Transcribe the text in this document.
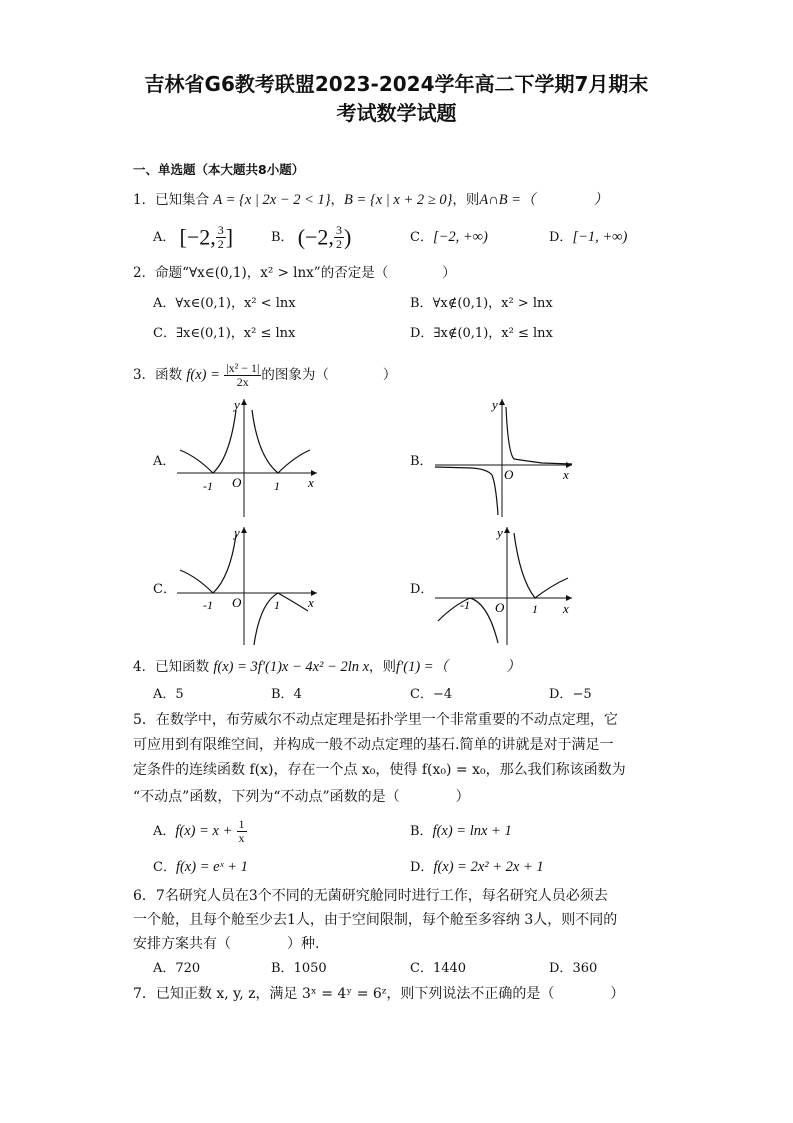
吉林省G6教考联盟2023-2024学年高二下学期7月期末
考试数学试题
一、单选题（本大题共8小题）
1．已知集合 A = {x | 2x − 2 < 1}，B = {x | x + 2 ≥ 0}，则A∩B =（　　　　）
A． [−2, $\frac{3}{2}$ ]	B． (−2, $\frac{3}{2}$ )	C．[−2, +∞)	D．[−1, +∞)
2．命题“∀x∈(0,1)，x² > lnx”的否定是（　　　　）
A．∀x∈(0,1)，x² < lnx	B．∀x∉(0,1)，x² > lnx
C．∃x∈(0,1)，x² ≤ lnx	D．∃x∉(0,1)，x² ≤ lnx
3．函数 $f(x) = \frac{\text{|x² − 1|}}{2x}$ 的图象为（　　　　）
A．	B．
C．	D．
y
x
O
-1	1
y
x
O
y
x
O
-1	1
y
x
O
-1	1
4．已知函数 f(x) = 3f′(1)x − 4x² − 2ln x，则f′(1) =（　　　　）
A．5	B．4	C．−4	D．−5
5．在数学中，布劳威尔不动点定理是拓扑学里一个非常重要的不动点定理，它
可应用到有限维空间，并构成一般不动点定理的基石.简单的讲就是对于满足一
定条件的连续函数 f(x)，存在一个点 x₀，使得 f(x₀) = x₀，那么我们称该函数为
“不动点”函数，下列为“不动点”函数的是（　　　　）
A．$f(x) = x + \frac{1}{x}$	B．f(x) = lnx + 1
C．f(x) = eˣ + 1	D．f(x) = 2x² + 2x + 1
6．7名研究人员在3个不同的无菌研究舱同时进行工作，每名研究人员必须去
一个舱，且每个舱至少去1人，由于空间限制，每个舱至多容纳 3人，则不同的
安排方案共有（　　　　）种.
A．720	B．1050	C．1440	D．360
7．已知正数 x, y, z，满足 3ˣ = 4ʸ = 6ᶻ，则下列说法不正确的是（　　　　）
